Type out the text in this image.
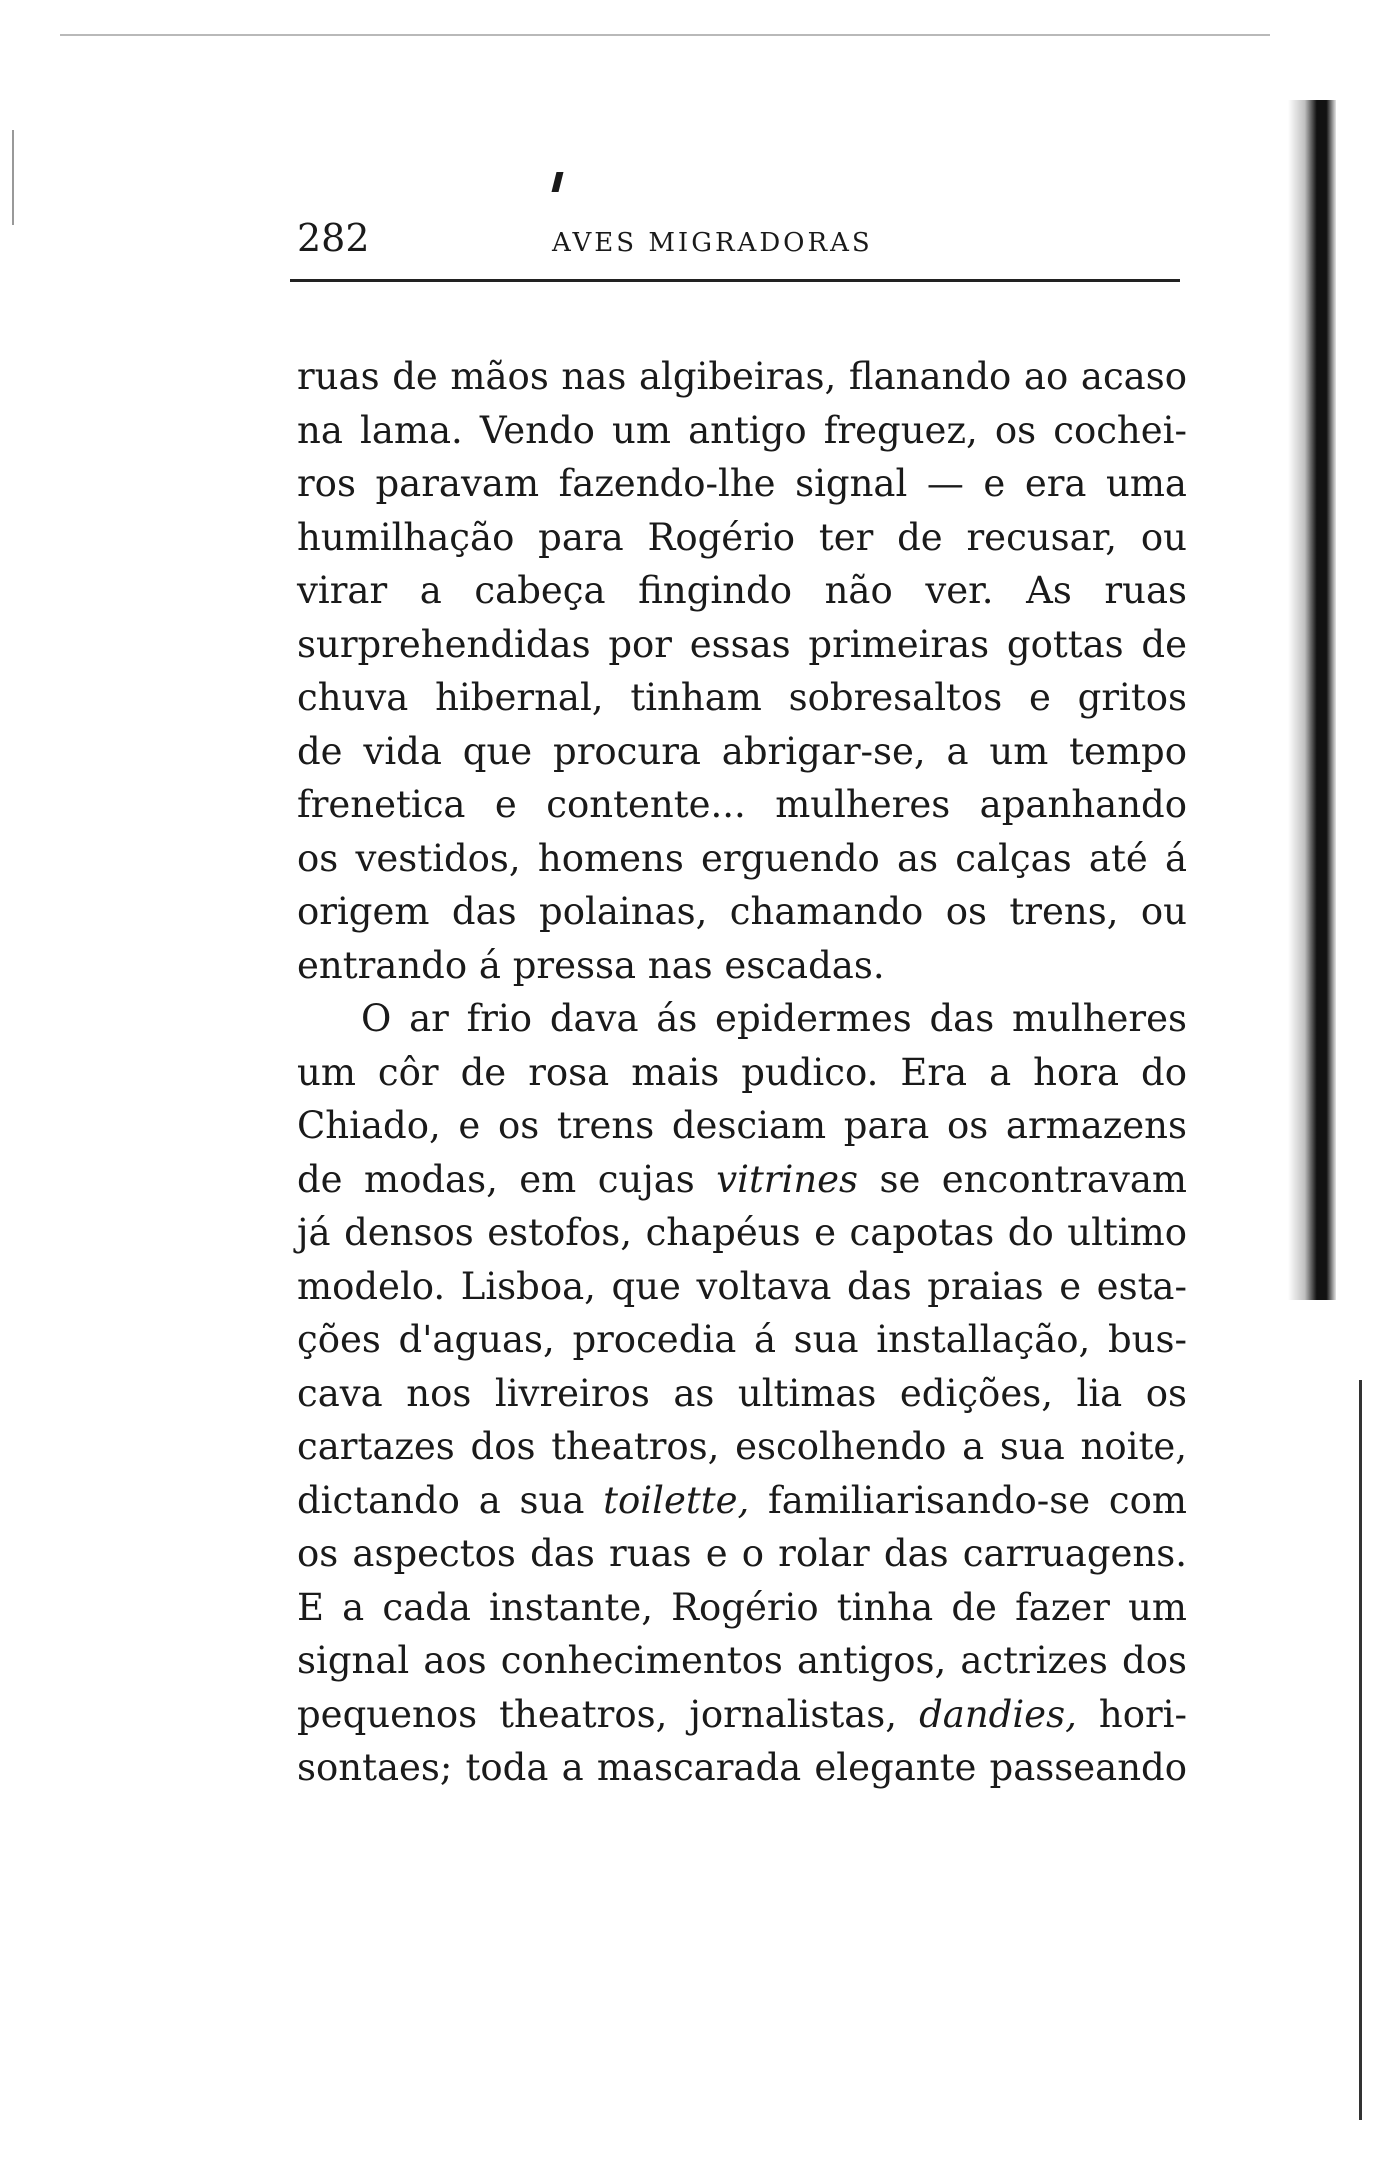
282	AVES MIGRADORAS
ruas de mãos nas algibeiras, flanando ao acaso
na lama. Vendo um antigo freguez, os cochei-
ros paravam fazendo-lhe signal — e era uma
humilhação para Rogério ter de recusar, ou
virar a cabeça fingindo não ver. As ruas
surprehendidas por essas primeiras gottas de
chuva hibernal, tinham sobresaltos e gritos
de vida que procura abrigar-se, a um tempo
frenetica e contente... mulheres apanhando
os vestidos, homens erguendo as calças até á
origem das polainas, chamando os trens, ou
entrando á pressa nas escadas.
O ar frio dava ás epidermes das mulheres
um côr de rosa mais pudico. Era a hora do
Chiado, e os trens desciam para os armazens
de modas, em cujas vitrines se encontravam
já densos estofos, chapéus e capotas do ultimo
modelo. Lisboa, que voltava das praias e esta-
ções d'aguas, procedia á sua installação, bus-
cava nos livreiros as ultimas edições, lia os
cartazes dos theatros, escolhendo a sua noite,
dictando a sua toilette, familiarisando-se com
os aspectos das ruas e o rolar das carruagens.
E a cada instante, Rogério tinha de fazer um
signal aos conhecimentos antigos, actrizes dos
pequenos theatros, jornalistas, dandies, hori-
sontaes; toda a mascarada elegante passeando
